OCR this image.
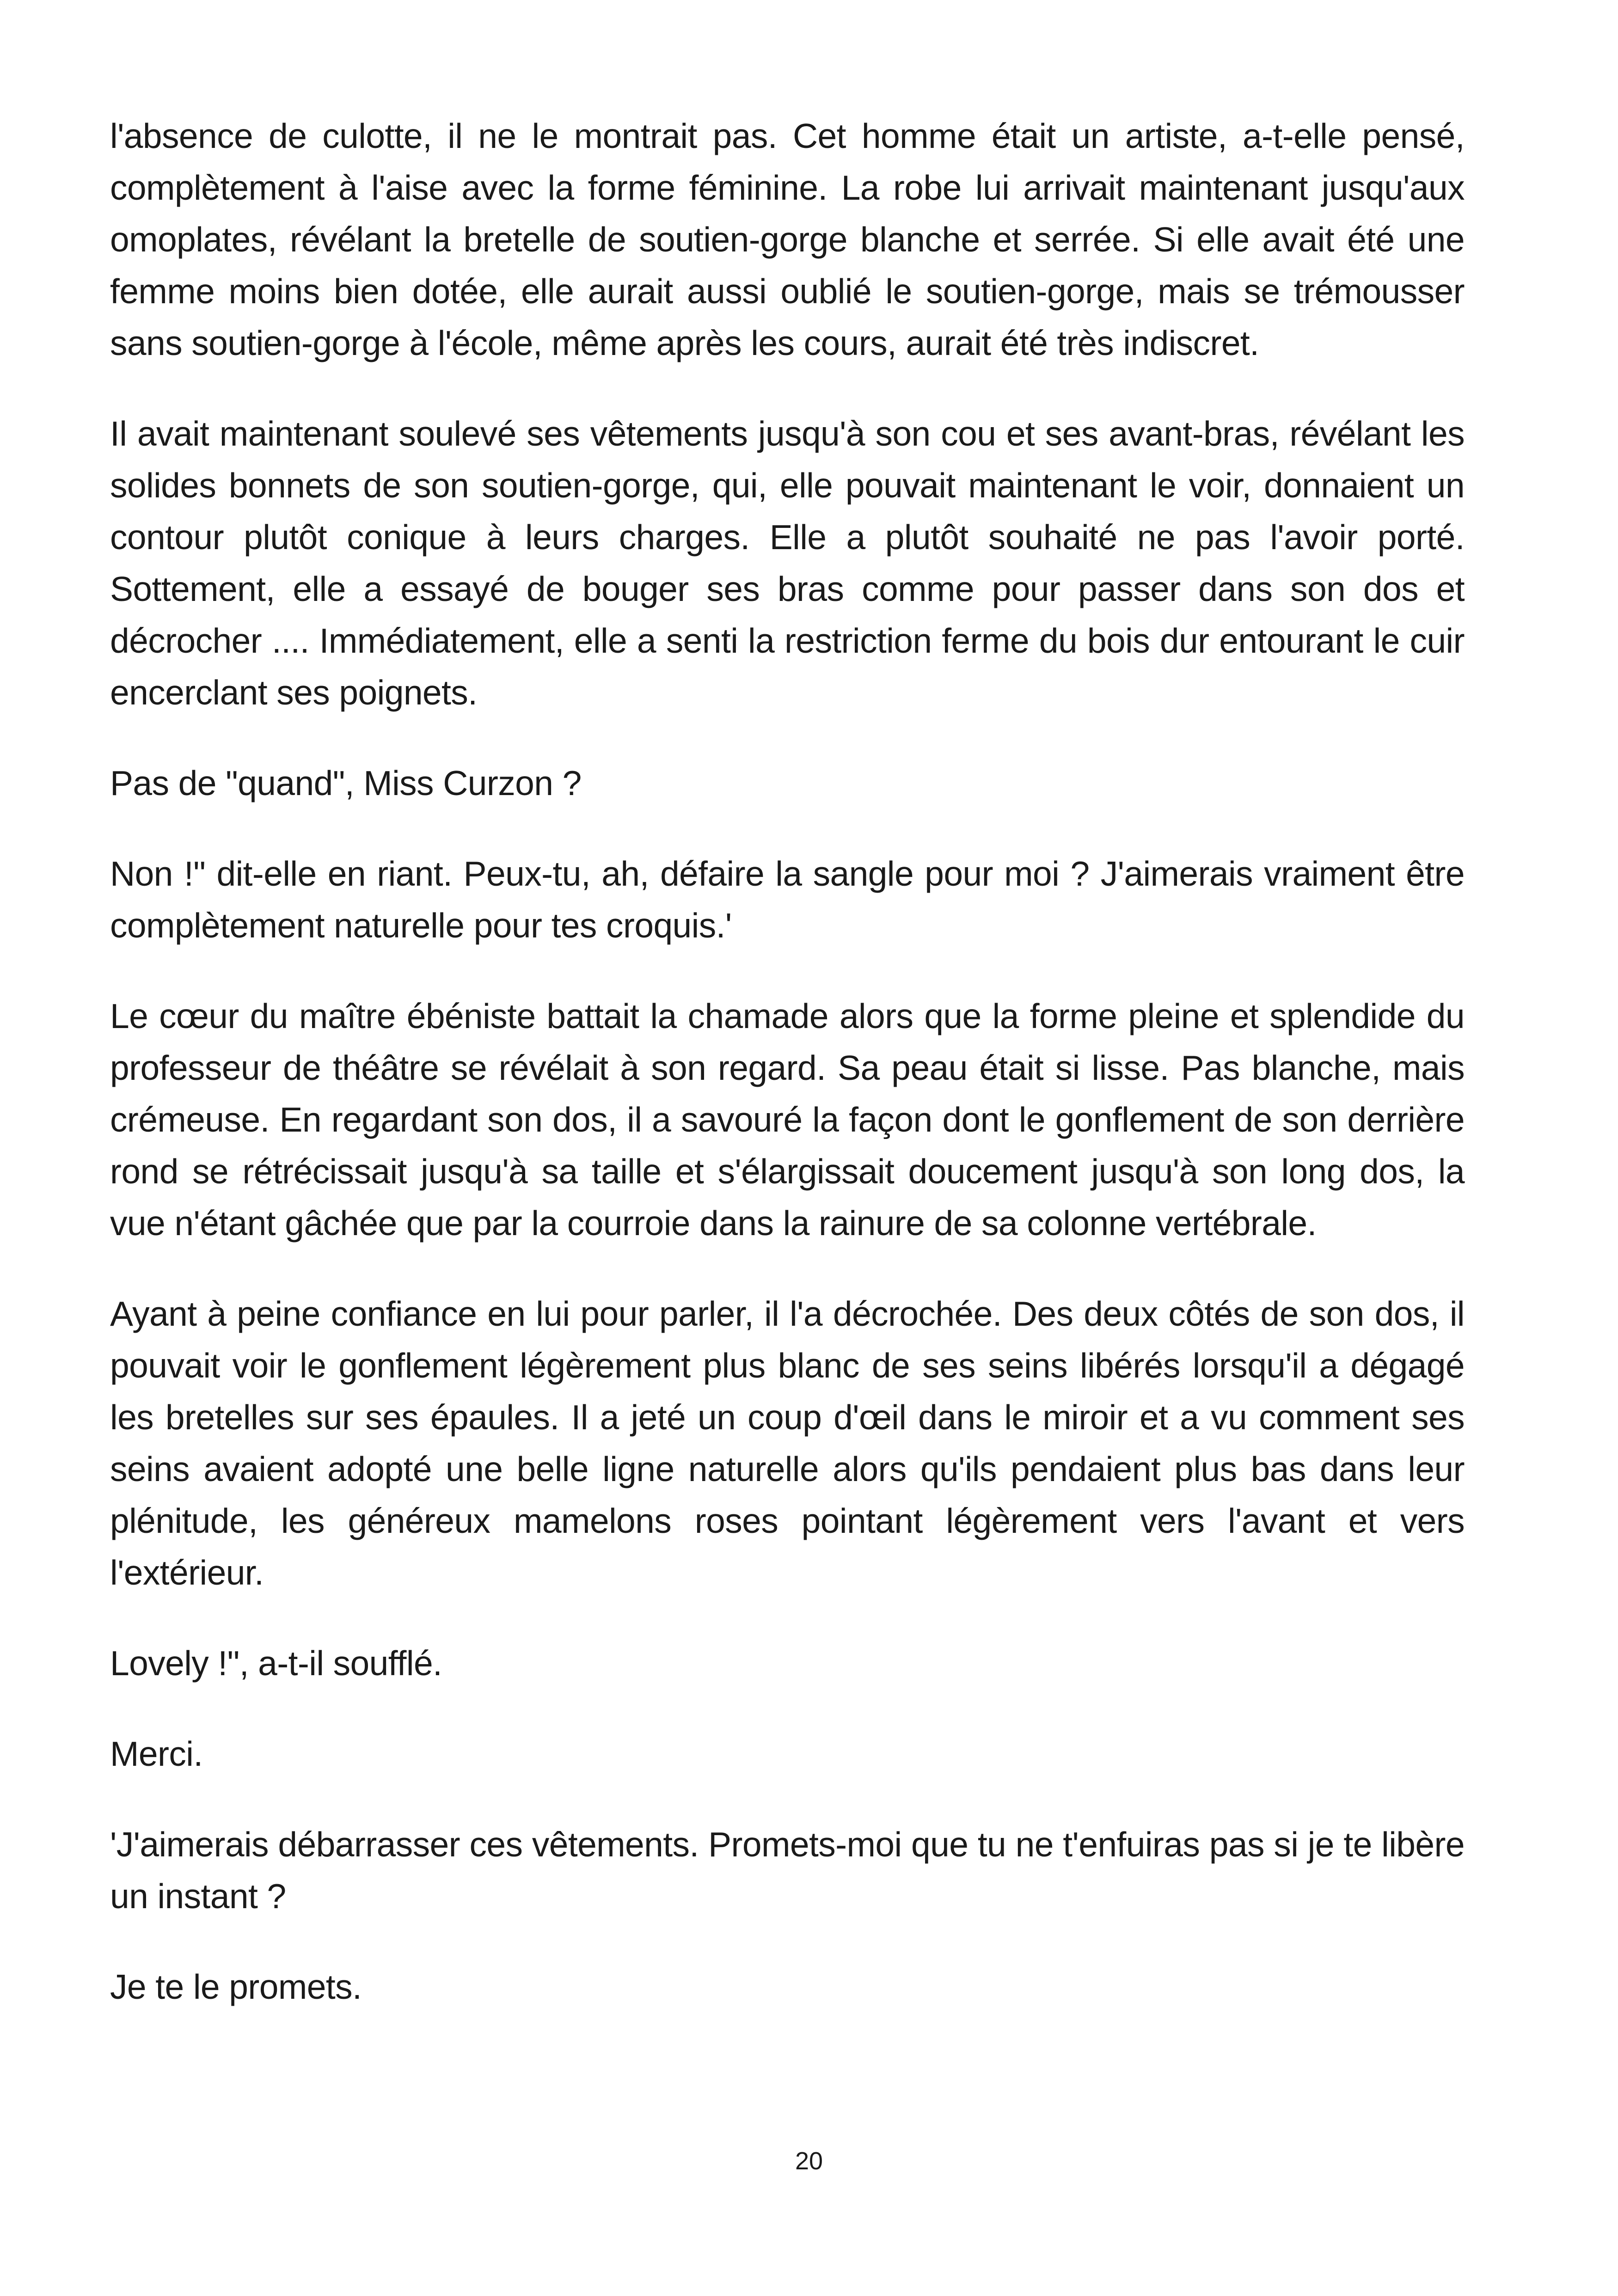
l'absence de culotte, il ne le montrait pas. Cet homme était un artiste, a-t-elle pensé, complètement à l'aise avec la forme féminine. La robe lui arrivait maintenant jusqu'aux omoplates, révélant la bretelle de soutien-gorge blanche et serrée. Si elle avait été une femme moins bien dotée, elle aurait aussi oublié le soutien-gorge, mais se trémousser sans soutien-gorge à l'école, même après les cours, aurait été très indiscret.

Il avait maintenant soulevé ses vêtements jusqu'à son cou et ses avant-bras, révélant les solides bonnets de son soutien-gorge, qui, elle pouvait maintenant le voir, donnaient un contour plutôt conique à leurs charges. Elle a plutôt souhaité ne pas l'avoir porté. Sottement, elle a essayé de bouger ses bras comme pour passer dans son dos et décrocher .... Immédiatement, elle a senti la restriction ferme du bois dur entourant le cuir encerclant ses poignets.

Pas de "quand", Miss Curzon ?

Non !" dit-elle en riant. Peux-tu, ah, défaire la sangle pour moi ? J'aimerais vraiment être complètement naturelle pour tes croquis.'

Le cœur du maître ébéniste battait la chamade alors que la forme pleine et splendide du professeur de théâtre se révélait à son regard. Sa peau était si lisse. Pas blanche, mais crémeuse. En regardant son dos, il a savouré la façon dont le gonflement de son derrière rond se rétrécissait jusqu'à sa taille et s'élargissait doucement jusqu'à son long dos, la vue n'étant gâchée que par la courroie dans la rainure de sa colonne vertébrale.

Ayant à peine confiance en lui pour parler, il l'a décrochée. Des deux côtés de son dos, il pouvait voir le gonflement légèrement plus blanc de ses seins libérés lorsqu'il a dégagé les bretelles sur ses épaules. Il a jeté un coup d'œil dans le miroir et a vu comment ses seins avaient adopté une belle ligne naturelle alors qu'ils pendaient plus bas dans leur plénitude, les généreux mamelons roses pointant légèrement vers l'avant et vers l'extérieur.

Lovely !", a-t-il soufflé.

Merci.

'J'aimerais débarrasser ces vêtements. Promets-moi que tu ne t'enfuiras pas si je te libère un instant ?

Je te le promets.

20
